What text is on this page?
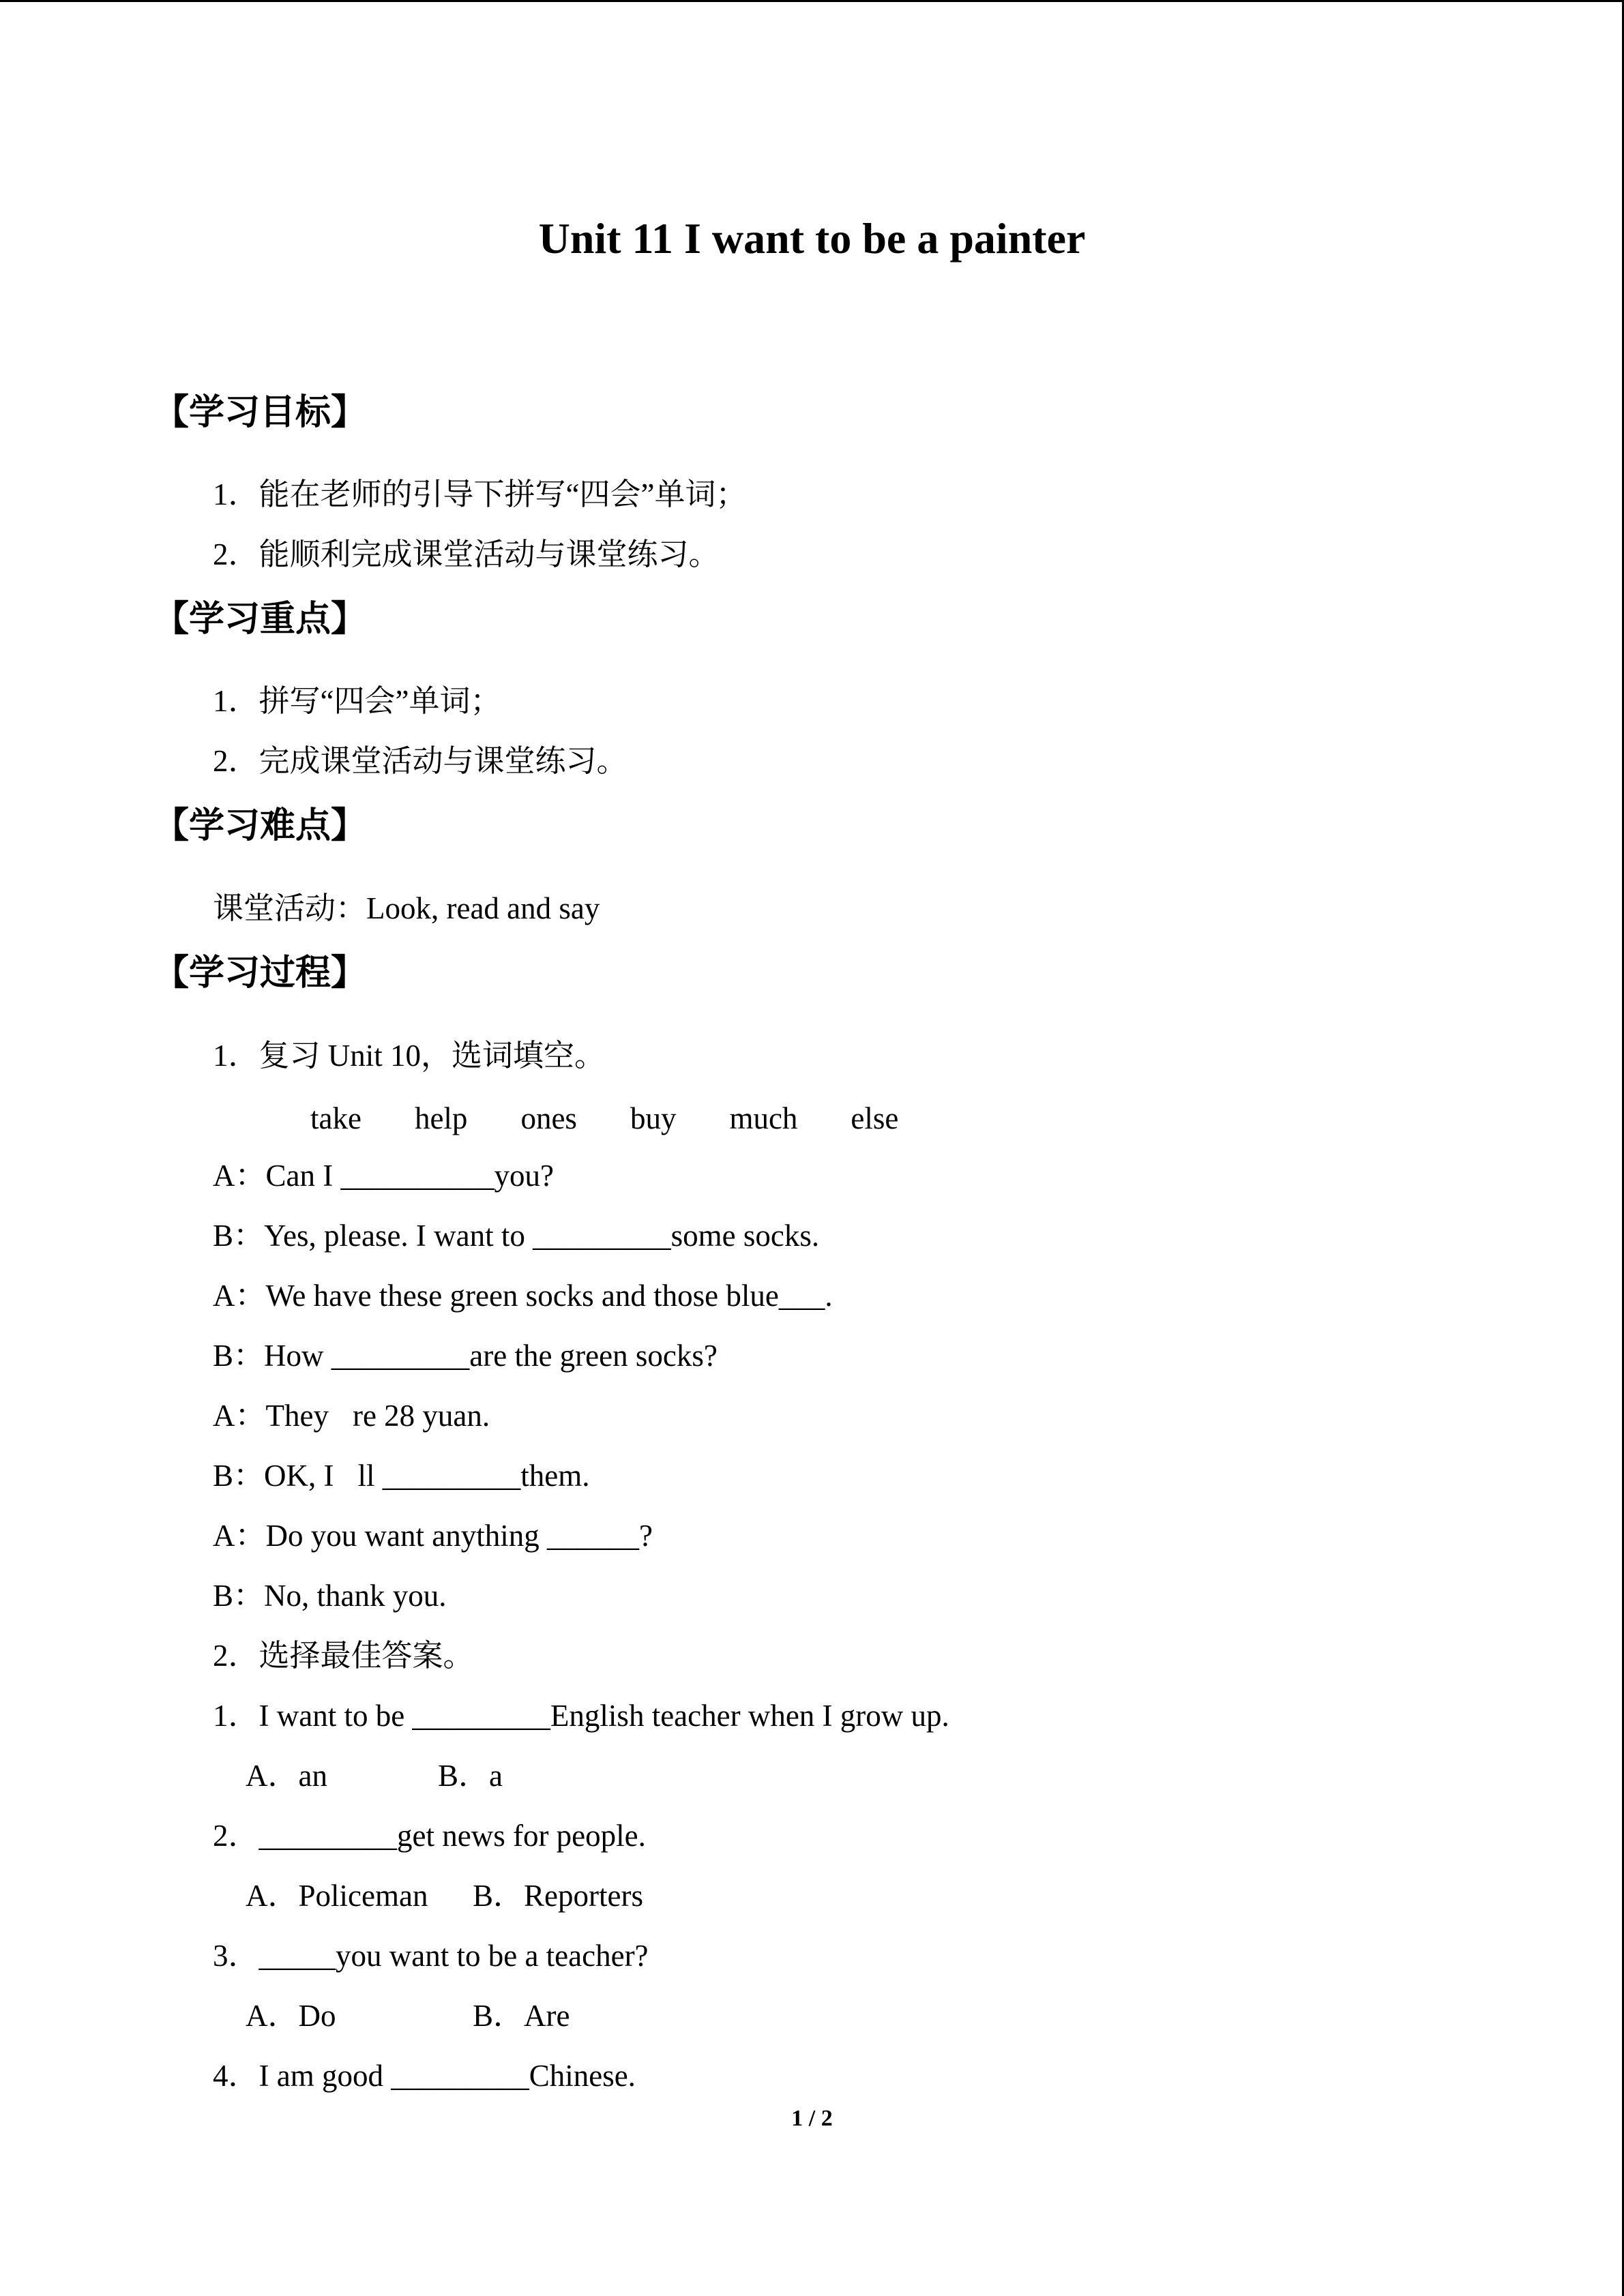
Unit 11 I want to be a painter
【学习目标】
1．能在老师的引导下拼写“四会”单词；
2．能顺利完成课堂活动与课堂练习。
【学习重点】
1．拼写“四会”单词；
2．完成课堂活动与课堂练习。
【学习难点】
课堂活动：Look, read and say
【学习过程】
1．复习 Unit 10，选词填空。
take help ones buy much else
A：Can I __________you?
B：Yes, please. I want to _________some socks.
A：We have these green socks and those blue___.
B：How _________are the green socks?
A：They re 28 yuan.
B：OK, I ll _________them.
A：Do you want anything ______?
B：No, thank you.
2．选择最佳答案。
1．I want to be _________English teacher when I grow up.
A．an	B．a
2．_________get news for people.
A．Policeman B．Reporters
3．_____you want to be a teacher?
A．Do	B．Are
4．I am good _________Chinese.
1 / 2
